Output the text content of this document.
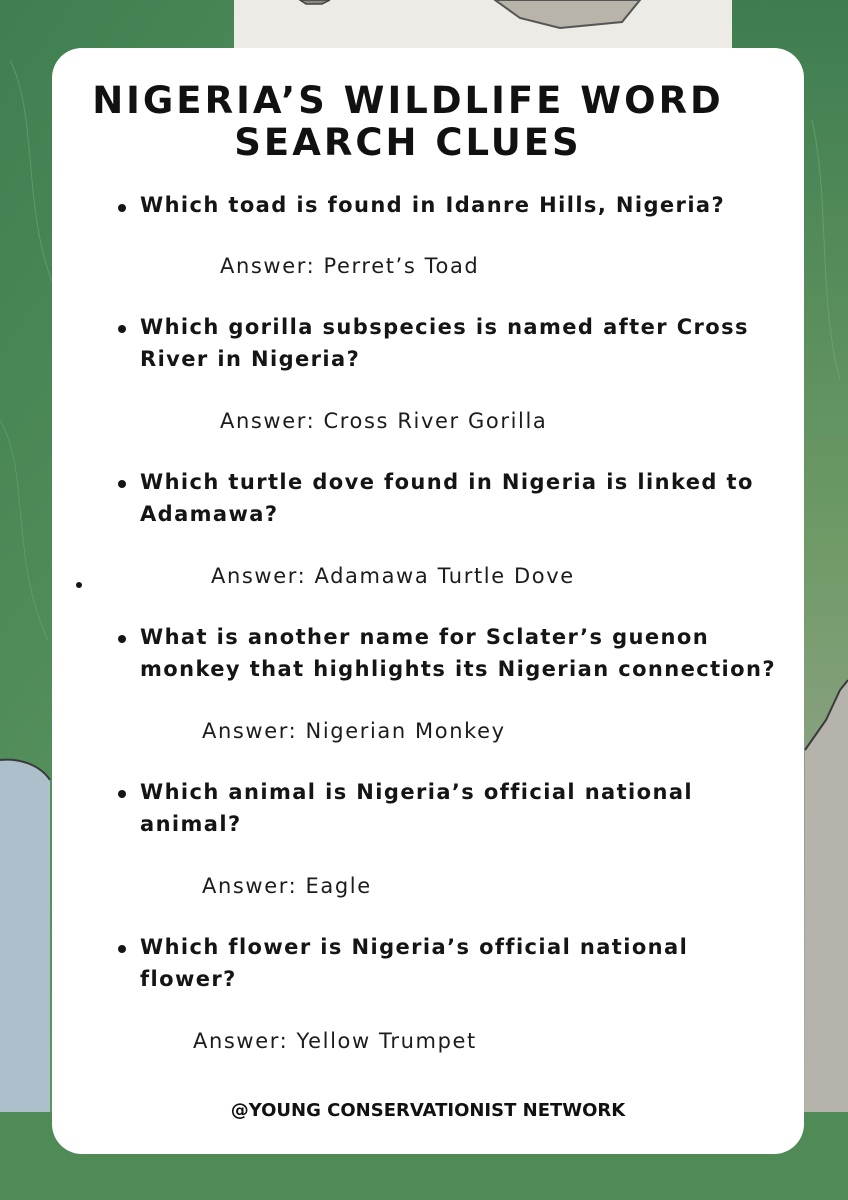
NIGERIA’S WILDLIFE WORD
SEARCH CLUES
Which toad is found in Idanre Hills, Nigeria?
Answer: Perret’s Toad
Which gorilla subspecies is named after Cross River in Nigeria?
Answer: Cross River Gorilla
Which turtle dove found in Nigeria is linked to Adamawa?
Answer: Adamawa Turtle Dove
What is another name for Sclater’s guenon monkey that highlights its Nigerian connection?
Answer: Nigerian Monkey
Which animal is Nigeria’s official national animal?
Answer: Eagle
Which flower is Nigeria’s official national flower?
Answer: Yellow Trumpet
@YOUNG CONSERVATIONIST NETWORK
